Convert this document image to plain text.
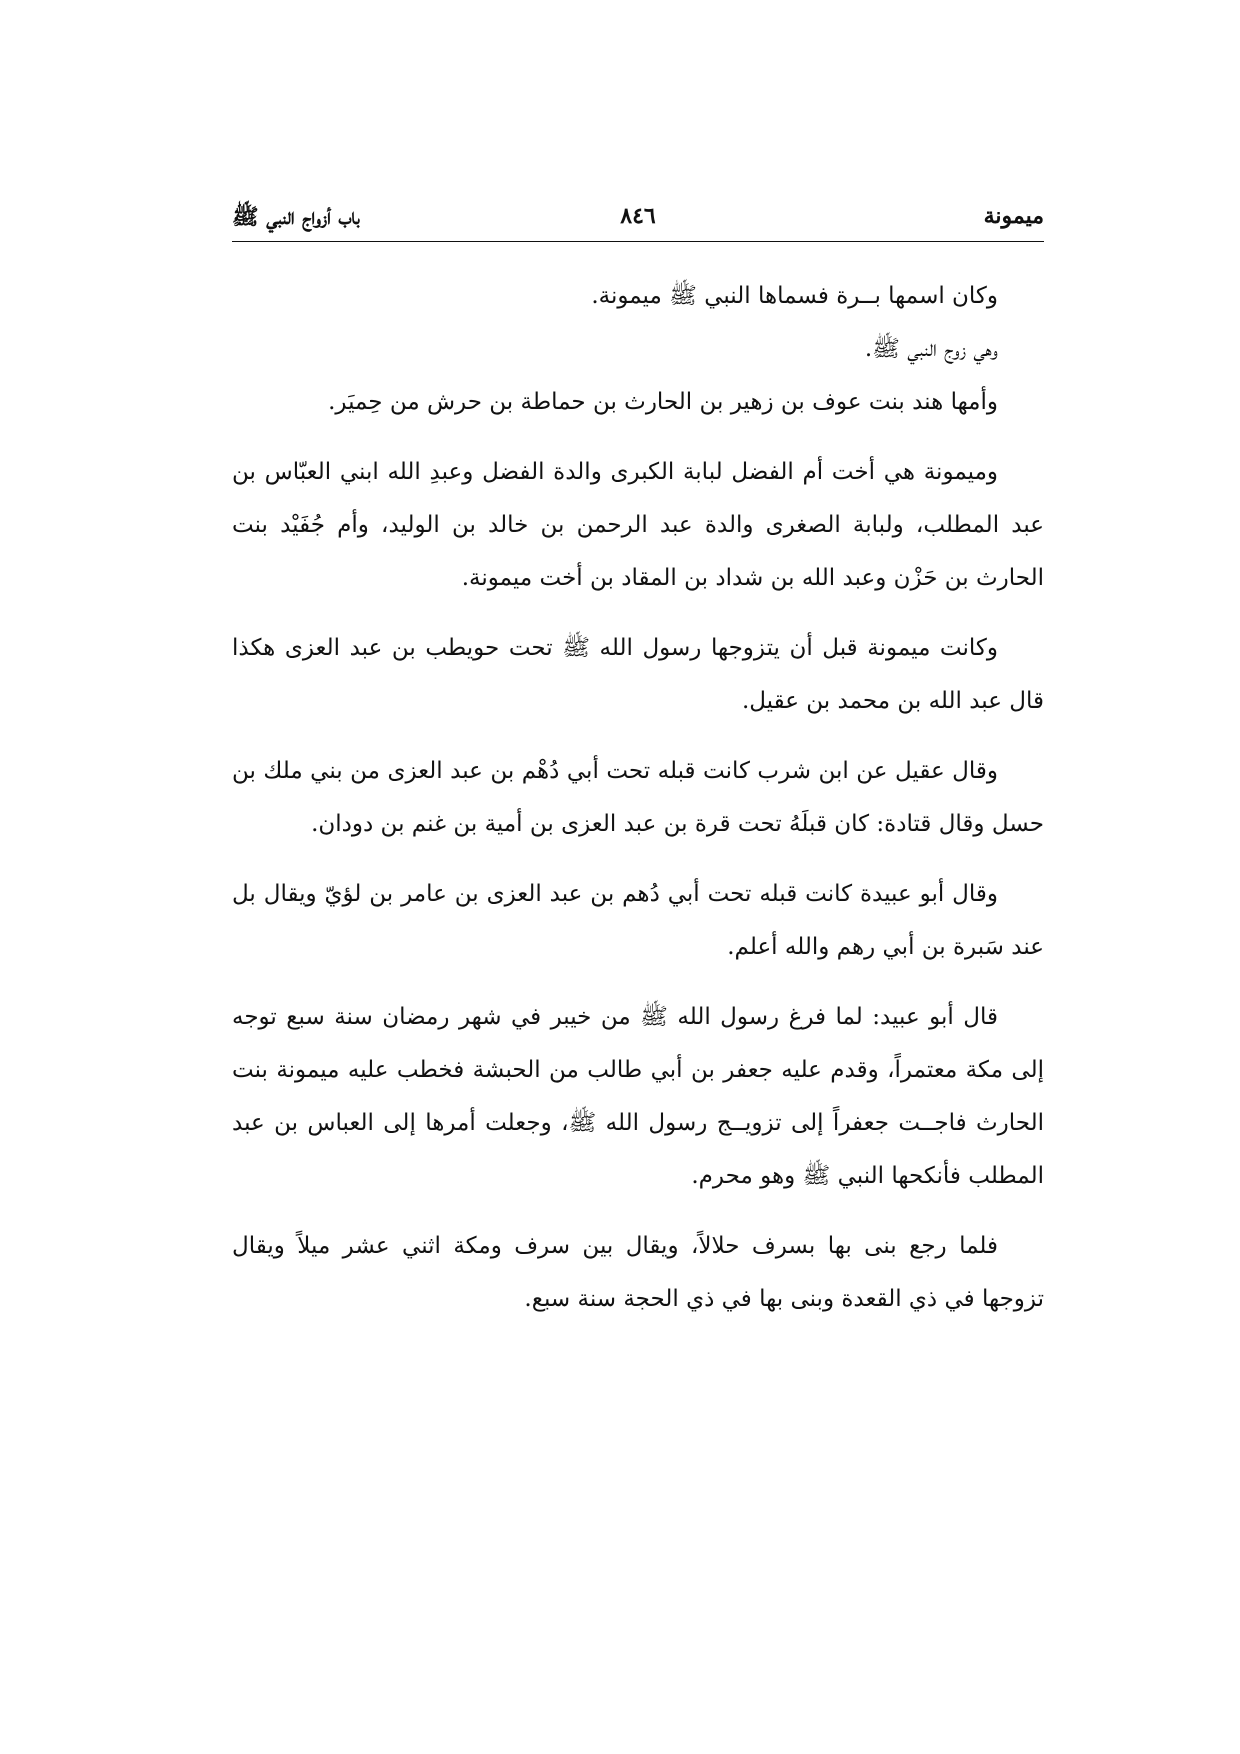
ميمونة
٨٤٦
باب أزواج النبي ﷺ

وكان اسمها بــرة فسماها النبي ﷺ ميمونة.

وهي زوج النبي ﷺ.

وأمها هند بنت عوف بن زهير بن الحارث بن حماطة بن حرش من حِميَر.

وميمونة هي أخت أم الفضل لبابة الكبرى والدة الفضل وعبدِ الله ابني العبّاس بن عبد المطلب، ولبابة الصغرى والدة عبد الرحمن بن خالد بن الوليد، وأم جُفَيْد بنت الحارث بن حَزْن وعبد الله بن شداد بن المقاد بن أخت ميمونة.

وكانت ميمونة قبل أن يتزوجها رسول الله ﷺ تحت حويطب بن عبد العزى هكذا قال عبد الله بن محمد بن عقيل.

وقال عقيل عن ابن شرب كانت قبله تحت أبي دُهْم بن عبد العزى من بني ملك بن حسل وقال قتادة: كان قبلَهُ تحت قرة بن عبد العزى بن أمية بن غنم بن دودان.

وقال أبو عبيدة كانت قبله تحت أبي دُهم بن عبد العزى بن عامر بن لؤيّ ويقال بل عند سَبرة بن أبي رهم والله أعلم.

قال أبو عبيد: لما فرغ رسول الله ﷺ من خيبر في شهر رمضان سنة سبع توجه إلى مكة معتمراً، وقدم عليه جعفر بن أبي طالب من الحبشة فخطب عليه ميمونة بنت الحارث فاجــت جعفراً إلى تزويــج رسول الله ﷺ، وجعلت أمرها إلى العباس بن عبد المطلب فأنكحها النبي ﷺ وهو محرم.

فلما رجع بنى بها بسرف حلالاً، ويقال بين سرف ومكة اثني عشر ميلاً ويقال تزوجها في ذي القعدة وبنى بها في ذي الحجة سنة سبع.
